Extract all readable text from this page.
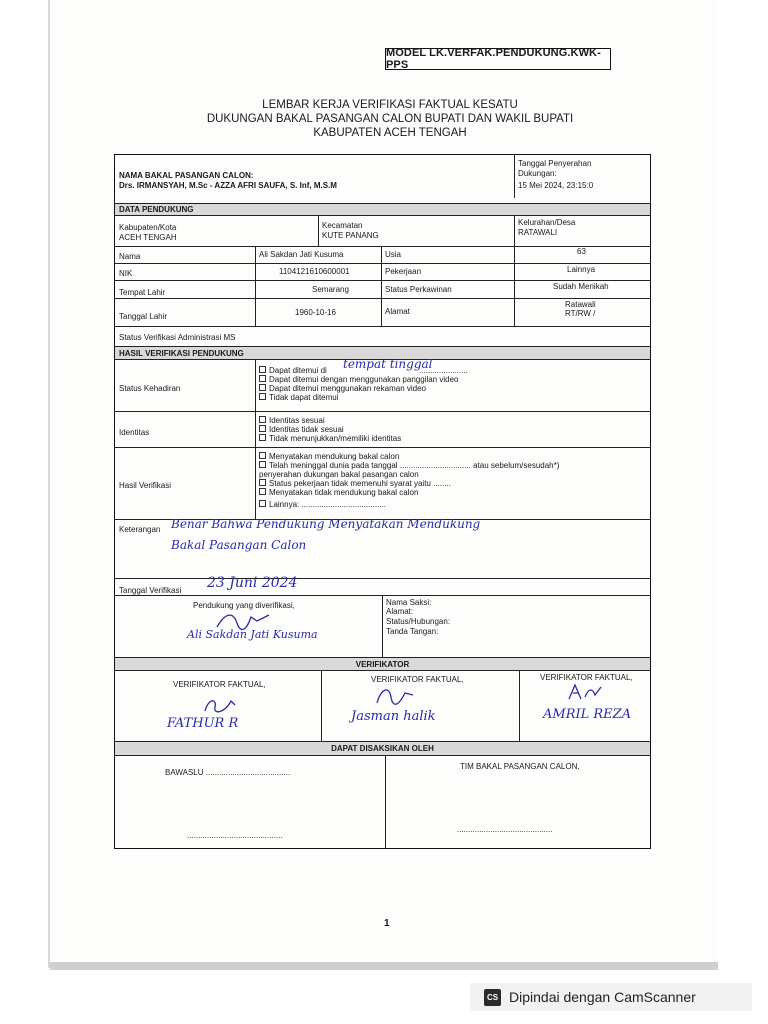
MODEL LK.VERFAK.PENDUKUNG.KWK-PPS
LEMBAR KERJA VERIFIKASI FAKTUAL KESATU
DUKUNGAN BAKAL PASANGAN CALON BUPATI DAN WAKIL BUPATI
KABUPATEN ACEH TENGAH
NAMA BAKAL PASANGAN CALON:
Drs. IRMANSYAH, M.Sc - AZZA AFRI SAUFA, S. Inf, M.S.M
Tanggal Penyerahan
Dukungan:
15 Mei 2024, 23:15:0
DATA PENDUKUNG
Kabupaten/Kota
ACEH TENGAH
Kecamatan
KUTE PANANG
Kelurahan/Desa
RATAWALI
Nama	Ali Sakdan Jati Kusuma	Usia	63
NIK	1104121610600001	Pekerjaan	Lainnya
Tempat Lahir	Semarang	Status Perkawinan	Sudah Menikah
Tanggal Lahir	1960-10-16	Alamat
Ratawali
RT/RW /
Status Verifikasi Administrasi MS
HASIL VERIFIKASI PENDUKUNG
Status Kehadiran
Dapat ditemui di tempat tinggal
......................
Dapat ditemui dengan menggunakan panggilan video
Dapat ditemui menggunakan rekaman video
Tidak dapat ditemui
Identitas
Identitas sesuai
Identitas tidak sesuai
Tidak menunjukkan/memiliki identitas
Hasil Verifikasi
Menyatakan mendukung bakal calon
Telah meninggal dunia pada tanggal ................................ atau sebelum/sesudah*)
penyerahan dukungan bakal pasangan calon
Status pekerjaan tidak memenuhi syarat yaitu ........
Menyatakan tidak mendukung bakal calon
Lainnya: ......................................
Keterangan Benar Bahwa Pendukung Menyatakan Mendukung
Bakal Pasangan Calon
Tanggal Verifikasi 23 Juni 2024
Pendukung yang diverifikasi,
Ali Sakdan Jati Kusuma
Nama Saksi:
Alamat:
Status/Hubungan:
Tanda Tangan:
VERIFIKATOR
VERIFIKATOR FAKTUAL,
FATHUR R
VERIFIKATOR FAKTUAL,
Jasman halik
VERIFIKATOR FAKTUAL,
AMRIL REZA
DAPAT DISAKSIKAN OLEH
BAWASLU ......................................
...........................................
TIM BAKAL PASANGAN CALON,
...........................................
1
CS Dipindai dengan CamScanner
